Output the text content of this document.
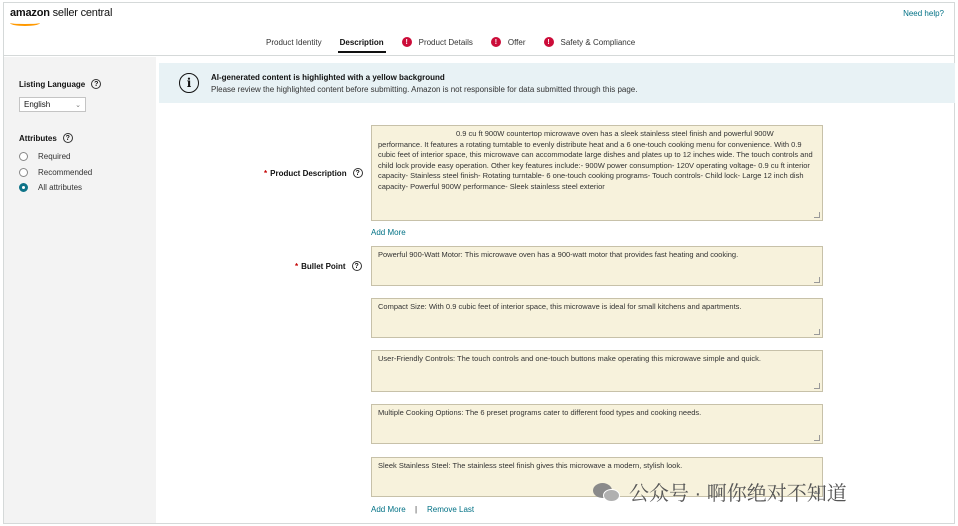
amazon seller central	Need help?
Product Identity Description	!	Product Details	!	Offer	!	Safety & Compliance
Listing Language	?
English	⌄
Attributes	?
Required
Recommended
All attributes
i	AI-generated content is highlighted with a yellow background
Please review the highlighted content before submitting. Amazon is not responsible for data submitted through this page.
* Product Description	?
0.9 cu ft 900W countertop microwave oven has a sleek stainless steel finish and powerful 900W performance. It features a rotating turntable to evenly distribute heat and a 6 one-touch cooking menu for convenience. With 0.9 cubic feet of interior space, this microwave can accommodate large dishes and plates up to 12 inches wide. The touch controls and child lock provide easy operation. Other key features include:- 900W power consumption- 120V operating voltage- 0.9 cu ft interior capacity- Stainless steel finish- Rotating turntable- 6 one-touch cooking programs- Touch controls- Child lock- Large 12 inch dish capacity- Powerful 900W performance- Sleek stainless steel exterior
Add More
* Bullet Point	?
Powerful 900-Watt Motor: This microwave oven has a 900-watt motor that provides fast heating and cooking.
Compact Size: With 0.9 cubic feet of interior space, this microwave is ideal for small kitchens and apartments.
User-Friendly Controls: The touch controls and one-touch buttons make operating this microwave simple and quick.
Multiple Cooking Options: The 6 preset programs cater to different food types and cooking needs.
Sleek Stainless Steel: The stainless steel finish gives this microwave a modern, stylish look.
Add More | Remove Last
公众号 · 啊你绝对不知道
